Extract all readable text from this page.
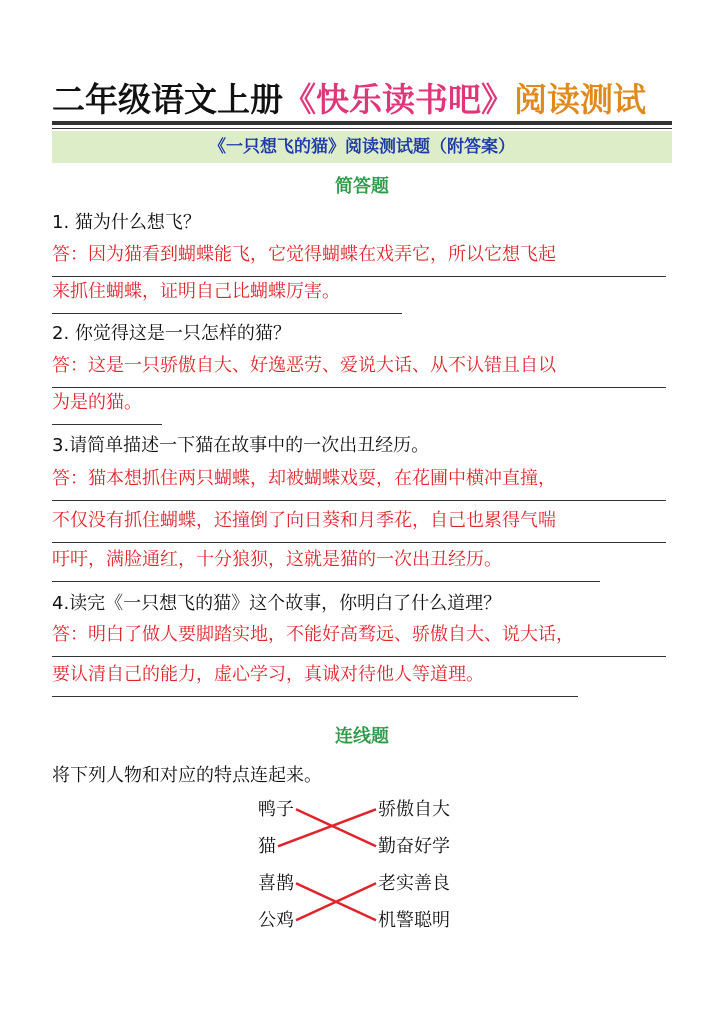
二年级语文上册《快乐读书吧》阅读测试
《一只想飞的猫》阅读测试题（附答案）
简答题
1. 猫为什么想飞？
答：因为猫看到蝴蝶能飞，它觉得蝴蝶在戏弄它，所以它想飞起
来抓住蝴蝶，证明自己比蝴蝶厉害。
2. 你觉得这是一只怎样的猫？
答：这是一只骄傲自大、好逸恶劳、爱说大话、从不认错且自以
为是的猫。
3.请简单描述一下猫在故事中的一次出丑经历。
答：猫本想抓住两只蝴蝶，却被蝴蝶戏耍，在花圃中横冲直撞，
不仅没有抓住蝴蝶，还撞倒了向日葵和月季花，自己也累得气喘
吁吁，满脸通红，十分狼狈，这就是猫的一次出丑经历。
4.读完《一只想飞的猫》这个故事，你明白了什么道理？
答：明白了做人要脚踏实地，不能好高骛远、骄傲自大、说大话，
要认清自己的能力，虚心学习，真诚对待他人等道理。
连线题
将下列人物和对应的特点连起来。
鸭子
猫
喜鹊
公鸡
骄傲自大
勤奋好学
老实善良
机警聪明
